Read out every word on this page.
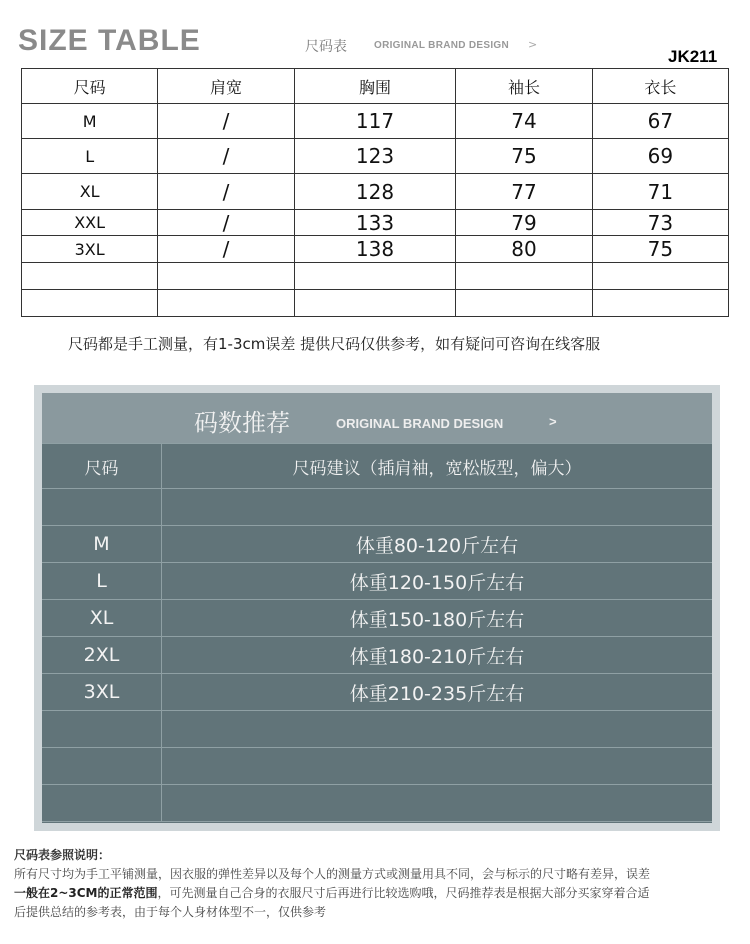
SIZE TABLE	尺码表	ORIGINAL BRAND DESIGN >
JK211
尺码	肩宽	胸围	袖长	衣长
M	/	117	74	67
L	/	123	75	69
XL	/	128	77	71
XXL	/	133	79	73
3XL	/	138	80	75

尺码都是手工测量，有1-3cm误差 提供尺码仅供参考，如有疑问可咨询在线客服
码数推荐	ORIGINAL BRAND DESIGN	>
尺码	尺码建议（插肩袖，宽松版型，偏大）

M	体重80-120斤左右
L	体重120-150斤左右
XL	体重150-180斤左右
2XL	体重180-210斤左右
3XL	体重210-235斤左右

尺码表参照说明：
所有尺寸均为手工平铺测量，因衣服的弹性差异以及每个人的测量方式或测量用具不同，会与标示的尺寸略有差异，误差
一般在2~3CM的正常范围，可先测量自己合身的衣服尺寸后再进行比较选购哦，尺码推荐表是根据大部分买家穿着合适
后提供总结的参考表，由于每个人身材体型不一，仅供参考
